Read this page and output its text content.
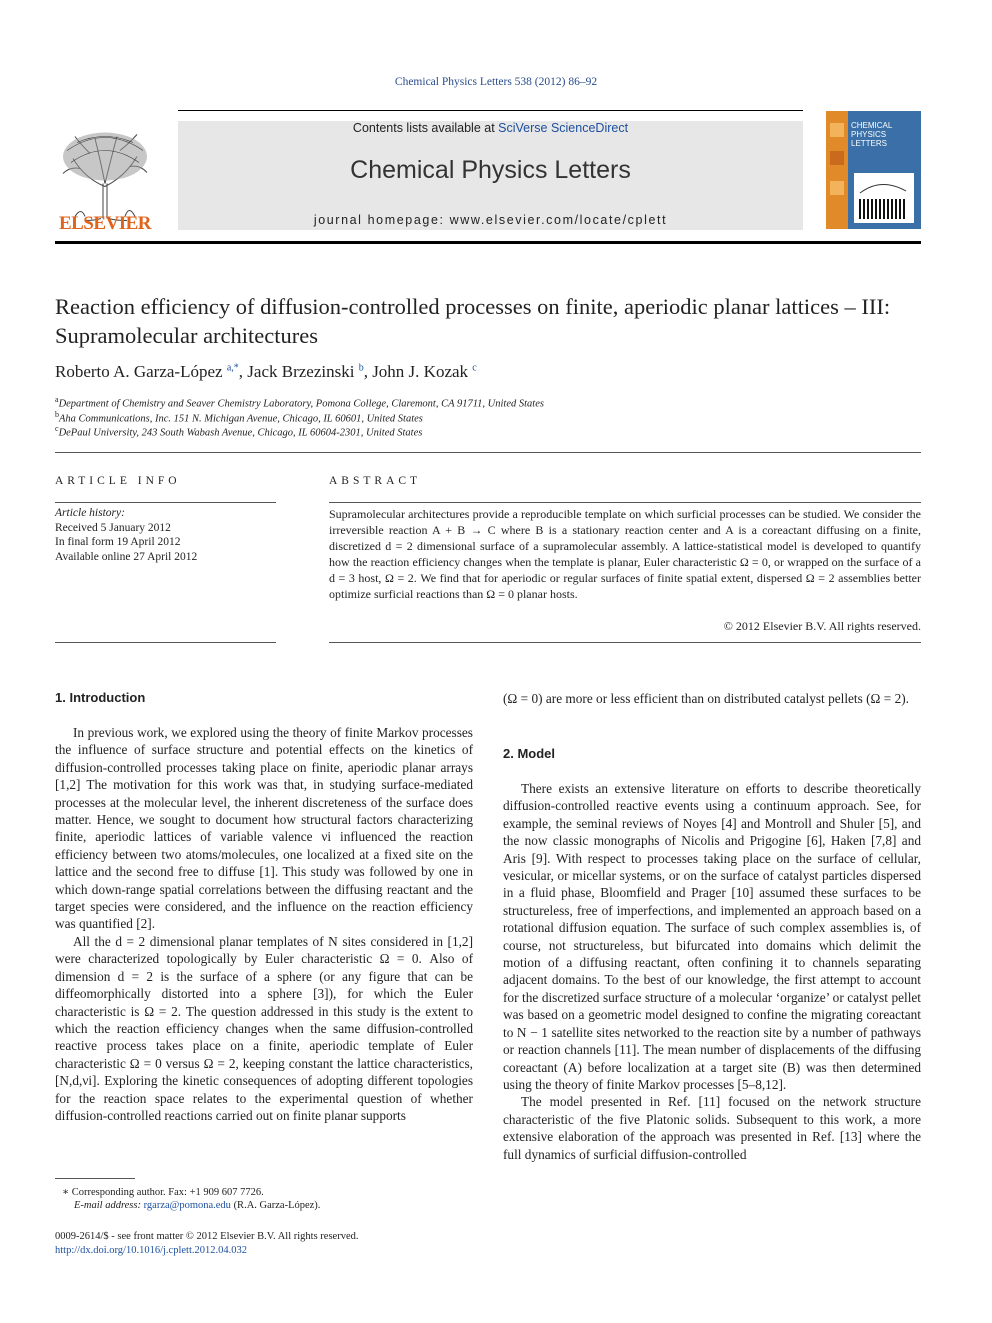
Chemical Physics Letters 538 (2012) 86–92
Contents lists available at SciVerse ScienceDirect
Chemical Physics Letters
journal homepage: www.elsevier.com/locate/cplett
ELSEVIER
CHEMICAL PHYSICS LETTERS
Reaction efficiency of diffusion-controlled processes on finite, aperiodic planar lattices – III: Supramolecular architectures
Roberto A. Garza-López $^{a,*}$, Jack Brzezinski $^b$, John J. Kozak $^c$
$^a$Department of Chemistry and Seaver Chemistry Laboratory, Pomona College, Claremont, CA 91711, United States
$^b$Aha Communications, Inc. 151 N. Michigan Avenue, Chicago, IL 60601, United States
$^c$DePaul University, 243 South Wabash Avenue, Chicago, IL 60604-2301, United States
ARTICLE INFO
Article history:
Received 5 January 2012
In final form 19 April 2012
Available online 27 April 2012
ABSTRACT
Supramolecular architectures provide a reproducible template on which surficial processes can be studied. We consider the irreversible reaction A + B → C where B is a stationary reaction center and A is a coreactant diffusing on a finite, discretized d = 2 dimensional surface of a supramolecular assembly. A lattice-statistical model is developed to quantify how the reaction efficiency changes when the template is planar, Euler characteristic Ω = 0, or wrapped on the surface of a d = 3 host, Ω = 2. We find that for aperiodic or regular surfaces of finite spatial extent, dispersed Ω = 2 assemblies better optimize surficial reactions than Ω = 0 planar hosts.
© 2012 Elsevier B.V. All rights reserved.
1. Introduction

In previous work, we explored using the theory of finite Markov processes the influence of surface structure and potential effects on the kinetics of diffusion-controlled processes taking place on finite, aperiodic planar arrays [1,2] The motivation for this work was that, in studying surface-mediated processes at the molecular level, the inherent discreteness of the surface does matter. Hence, we sought to document how structural factors characterizing finite, aperiodic lattices of variable valence νi influenced the reaction efficiency between two atoms/molecules, one localized at a fixed site on the lattice and the second free to diffuse [1]. This study was followed by one in which down-range spatial correlations between the diffusing reactant and the target species were considered, and the influence on the reaction efficiency was quantified [2].

All the d = 2 dimensional planar templates of N sites considered in [1,2] were characterized topologically by Euler characteristic Ω = 0. Also of dimension d = 2 is the surface of a sphere (or any figure that can be diffeomorphically distorted into a sphere [3]), for which the Euler characteristic is Ω = 2. The question addressed in this study is the extent to which the reaction efficiency changes when the same diffusion-controlled reactive process takes place on a finite, aperiodic template of Euler characteristic Ω = 0 versus Ω = 2, keeping constant the lattice characteristics, [N,d,νi]. Exploring the kinetic consequences of adopting different topologies for the reaction space relates to the experimental question of whether diffusion-controlled reactions carried out on finite planar supports

(Ω = 0) are more or less efficient than on distributed catalyst pellets (Ω = 2).

2. Model

There exists an extensive literature on efforts to describe theoretically diffusion-controlled reactive events using a continuum approach. See, for example, the seminal reviews of Noyes [4] and Montroll and Shuler [5], and the now classic monographs of Nicolis and Prigogine [6], Haken [7,8] and Aris [9]. With respect to processes taking place on the surface of cellular, vesicular, or micellar systems, or on the surface of catalyst particles dispersed in a fluid phase, Bloomfield and Prager [10] assumed these surfaces to be structureless, free of imperfections, and implemented an approach based on a rotational diffusion equation. The surface of such complex assemblies is, of course, not structureless, but bifurcated into domains which delimit the motion of a diffusing reactant, often confining it to channels separating adjacent domains. To the best of our knowledge, the first attempt to account for the discretized surface structure of a molecular ‘organize’ or catalyst pellet was based on a geometric model designed to confine the migrating coreactant to N − 1 satellite sites networked to the reaction site by a number of pathways or reaction channels [11]. The mean number of displacements of the diffusing coreactant (A) before localization at a target site (B) was then determined using the theory of finite Markov processes [5–8,12].

The model presented in Ref. [11] focused on the network structure characteristic of the five Platonic solids. Subsequent to this work, a more extensive elaboration of the approach was presented in Ref. [13] where the full dynamics of surficial diffusion-controlled

∗ Corresponding author. Fax: +1 909 607 7726.
E-mail address: rgarza@pomona.edu (R.A. Garza-López).
0009-2614/$ - see front matter © 2012 Elsevier B.V. All rights reserved.
http://dx.doi.org/10.1016/j.cplett.2012.04.032
